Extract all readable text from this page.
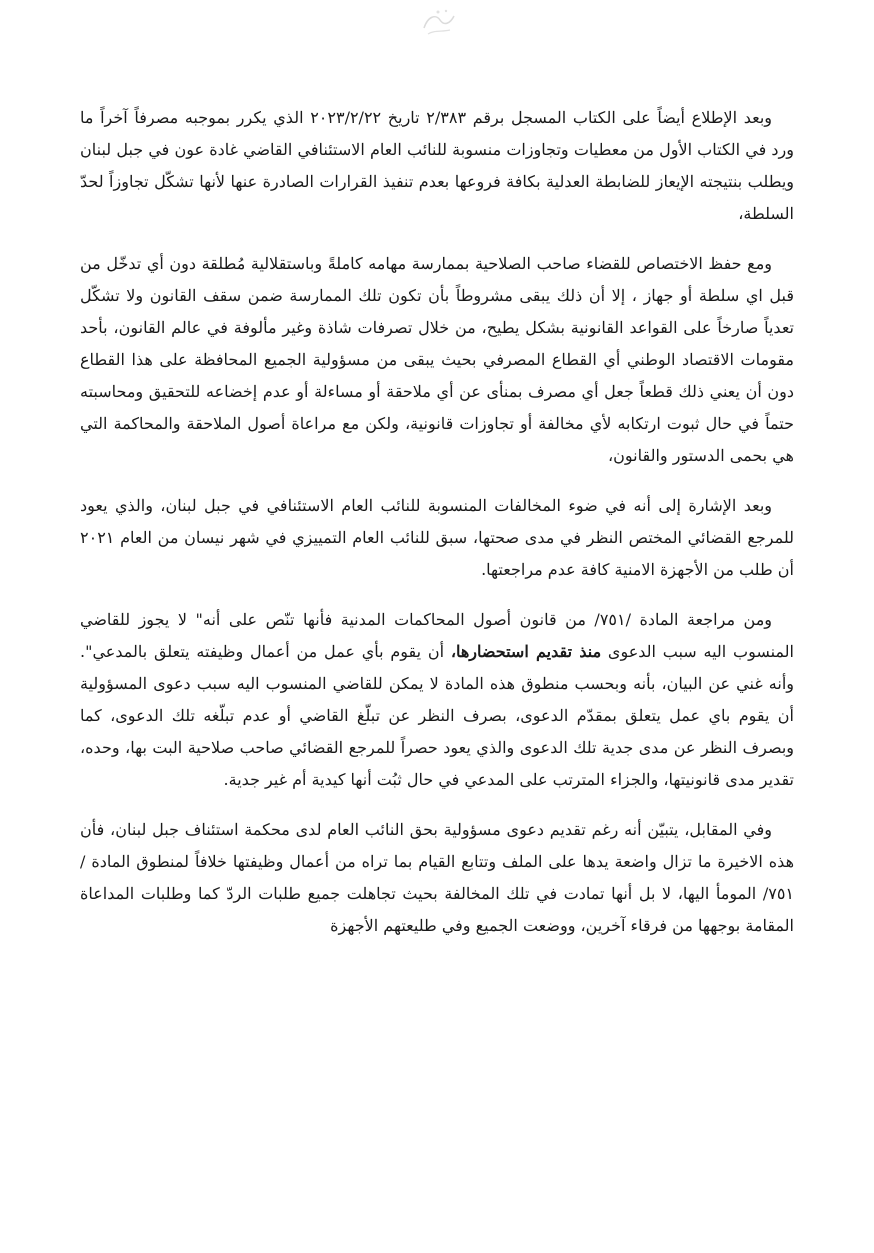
وبعد الإطلاع أيضاً على الكتاب المسجل برقم ٢/٣٨٣ تاريخ ٢٠٢٣/٢/٢٢ الذي يكرر بموجبه مصرفاً آخراً ما ورد في الكتاب الأول من معطيات وتجاوزات منسوبة للنائب العام الاستئنافي القاضي غادة عون في جبل لبنان ويطلب بنتيجته الإيعاز للضابطة العدلية بكافة فروعها بعدم تنفيذ القرارات الصادرة عنها لأنها تشكّل تجاوزاً لحدّ السلطة،

ومع حفظ الاختصاص للقضاء صاحب الصلاحية بممارسة مهامه كاملةً وباستقلالية مُطلقة دون أي تدخّل من قبل اي سلطة أو جهاز ، إلا أن ذلك يبقى مشروطاً بأن تكون تلك الممارسة ضمن سقف القانون ولا تشكّل تعدياً صارخاً على القواعد القانونية بشكل يطيح، من خلال تصرفات شاذة وغير مألوفة في عالم القانون، بأحد مقومات الاقتصاد الوطني أي القطاع المصرفي بحيث يبقى من مسؤولية الجميع المحافظة على هذا القطاع دون أن يعني ذلك قطعاً جعل أي مصرف بمنأى عن أي ملاحقة أو مساءلة أو عدم إخضاعه للتحقيق ومحاسبته حتماً في حال ثبوت ارتكابه لأي مخالفة أو تجاوزات قانونية، ولكن مع مراعاة أصول الملاحقة والمحاكمة التي هي بحمى الدستور والقانون،

وبعد الإشارة إلى أنه في ضوء المخالفات المنسوبة للنائب العام الاستئنافي في جبل لبنان، والذي يعود للمرجع القضائي المختص النظر في مدى صحتها، سبق للنائب العام التمييزي في شهر نيسان من العام ٢٠٢١ أن طلب من الأجهزة الامنية كافة عدم مراجعتها.

ومن مراجعة المادة /٧٥١/ من قانون أصول المحاكمات المدنية فأنها تنّص على أنه" لا يجوز للقاضي المنسوب اليه سبب الدعوى منذ تقديم استحضارها، أن يقوم بأي عمل من أعمال وظيفته يتعلق بالمدعي". وأنه غني عن البيان، بأنه وبحسب منطوق هذه المادة لا يمكن للقاضي المنسوب اليه سبب دعوى المسؤولية أن يقوم باي عمل يتعلق بمقدّم الدعوى، بصرف النظر عن تبلّغ القاضي أو عدم تبلّغه تلك الدعوى، كما وبصرف النظر عن مدى جدية تلك الدعوى والذي يعود حصراً للمرجع القضائي صاحب صلاحية البت بها، وحده، تقدير مدى قانونيتها، والجزاء المترتب على المدعي في حال ثبُت أنها كيدية أم غير جدية.

وفي المقابل، يتبيّن أنه رغم تقديم دعوى مسؤولية بحق النائب العام لدى محكمة استئناف جبل لبنان، فأن هذه الاخيرة ما تزال واضعة يدها على الملف وتتابع القيام بما تراه من أعمال وظيفتها خلافاً لمنطوق المادة /٧٥١/ المومأ اليها، لا بل أنها تمادت في تلك المخالفة بحيث تجاهلت جميع طلبات الردّ كما وطلبات المداعاة المقامة بوجهها من فرقاء آخرين، ووضعت الجميع وفي طليعتهم الأجهزة
